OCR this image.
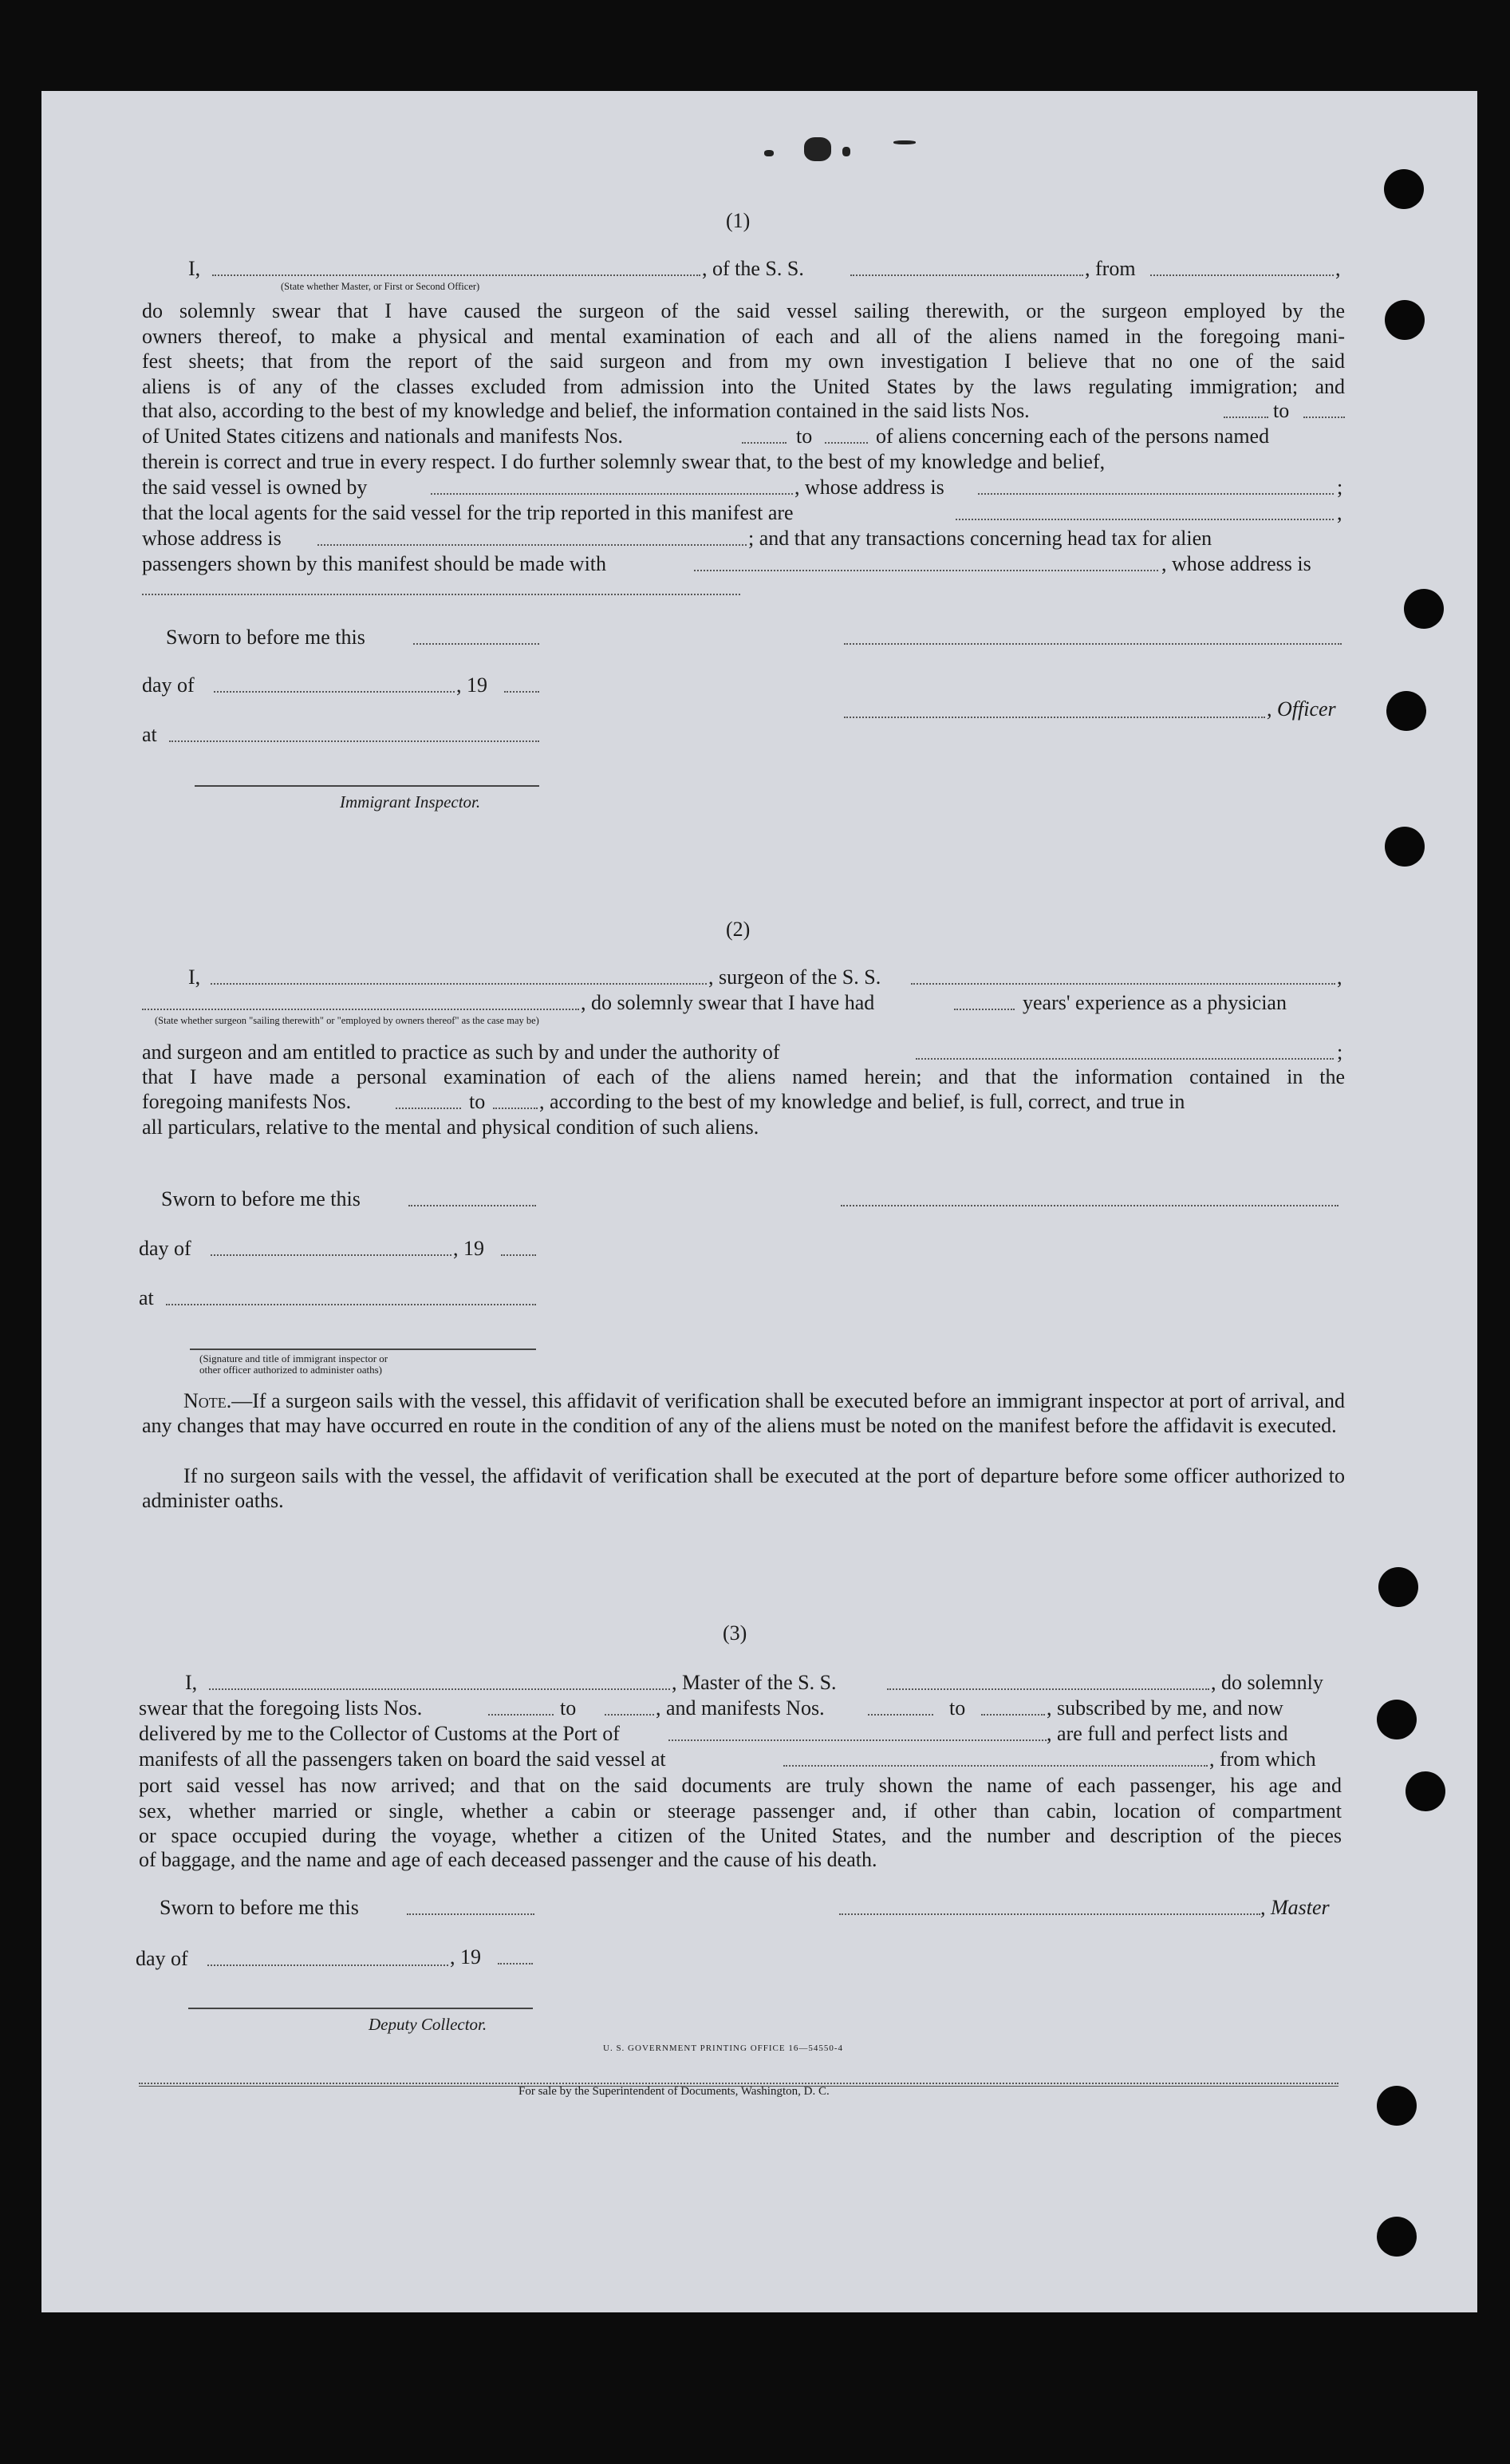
(1)
I,	, of the S. S.	, from	,
(State whether Master, or First or Second Officer)
do solemnly swear that I have caused the surgeon of the said vessel sailing therewith, or the surgeon employed by the
owners thereof, to make a physical and mental examination of each and all of the aliens named in the foregoing mani-
fest sheets; that from the report of the said surgeon and from my own investigation I believe that no one of the said
aliens is of any of the classes excluded from admission into the United States by the laws regulating immigration; and
that also, according to the best of my knowledge and belief, the information contained in the said lists Nos.	to
of United States citizens and nationals and manifests Nos.	to	of aliens concerning each of the persons named
therein is correct and true in every respect. I do further solemnly swear that, to the best of my knowledge and belief,
the said vessel is owned by	, whose address is	;
that the local agents for the said vessel for the trip reported in this manifest are	,
whose address is	; and that any transactions concerning head tax for alien
passengers shown by this manifest should be made with	, whose address is
Sworn to before me this
day of	, 19
, Officer
at
Immigrant Inspector.
(2)
I,	, surgeon of the S. S.	,
, do solemnly swear that I have had	years' experience as a physician
(State whether surgeon "sailing therewith" or "employed by owners thereof" as the case may be)
and surgeon and am entitled to practice as such by and under the authority of	;
that I have made a personal examination of each of the aliens named herein; and that the information contained in the
foregoing manifests Nos.	to	, according to the best of my knowledge and belief, is full, correct, and true in
all particulars, relative to the mental and physical condition of such aliens.
Sworn to before me this
day of	, 19
at
(Signature and title of immigrant inspector or
other officer authorized to administer oaths)
Note.—If a surgeon sails with the vessel, this affidavit of verification shall be executed before an immigrant inspector at port of arrival, and any changes that may have occurred en route in the condition of any of the aliens must be noted on the manifest before the affidavit is executed.
If no surgeon sails with the vessel, the affidavit of verification shall be executed at the port of departure before some officer authorized to administer oaths.
(3)
I,	, Master of the S. S.	, do solemnly
swear that the foregoing lists Nos.	to	, and manifests Nos.	to	, subscribed by me, and now
delivered by me to the Collector of Customs at the Port of	, are full and perfect lists and
manifests of all the passengers taken on board the said vessel at	, from which
port said vessel has now arrived; and that on the said documents are truly shown the name of each passenger, his age and
sex, whether married or single, whether a cabin or steerage passenger and, if other than cabin, location of compartment
or space occupied during the voyage, whether a citizen of the United States, and the number and description of the pieces
of baggage, and the name and age of each deceased passenger and the cause of his death.
Sworn to before me this	, Master
day of	, 19
Deputy Collector.
U. S. GOVERNMENT PRINTING OFFICE 16—54550-4
For sale by the Superintendent of Documents, Washington, D. C.
